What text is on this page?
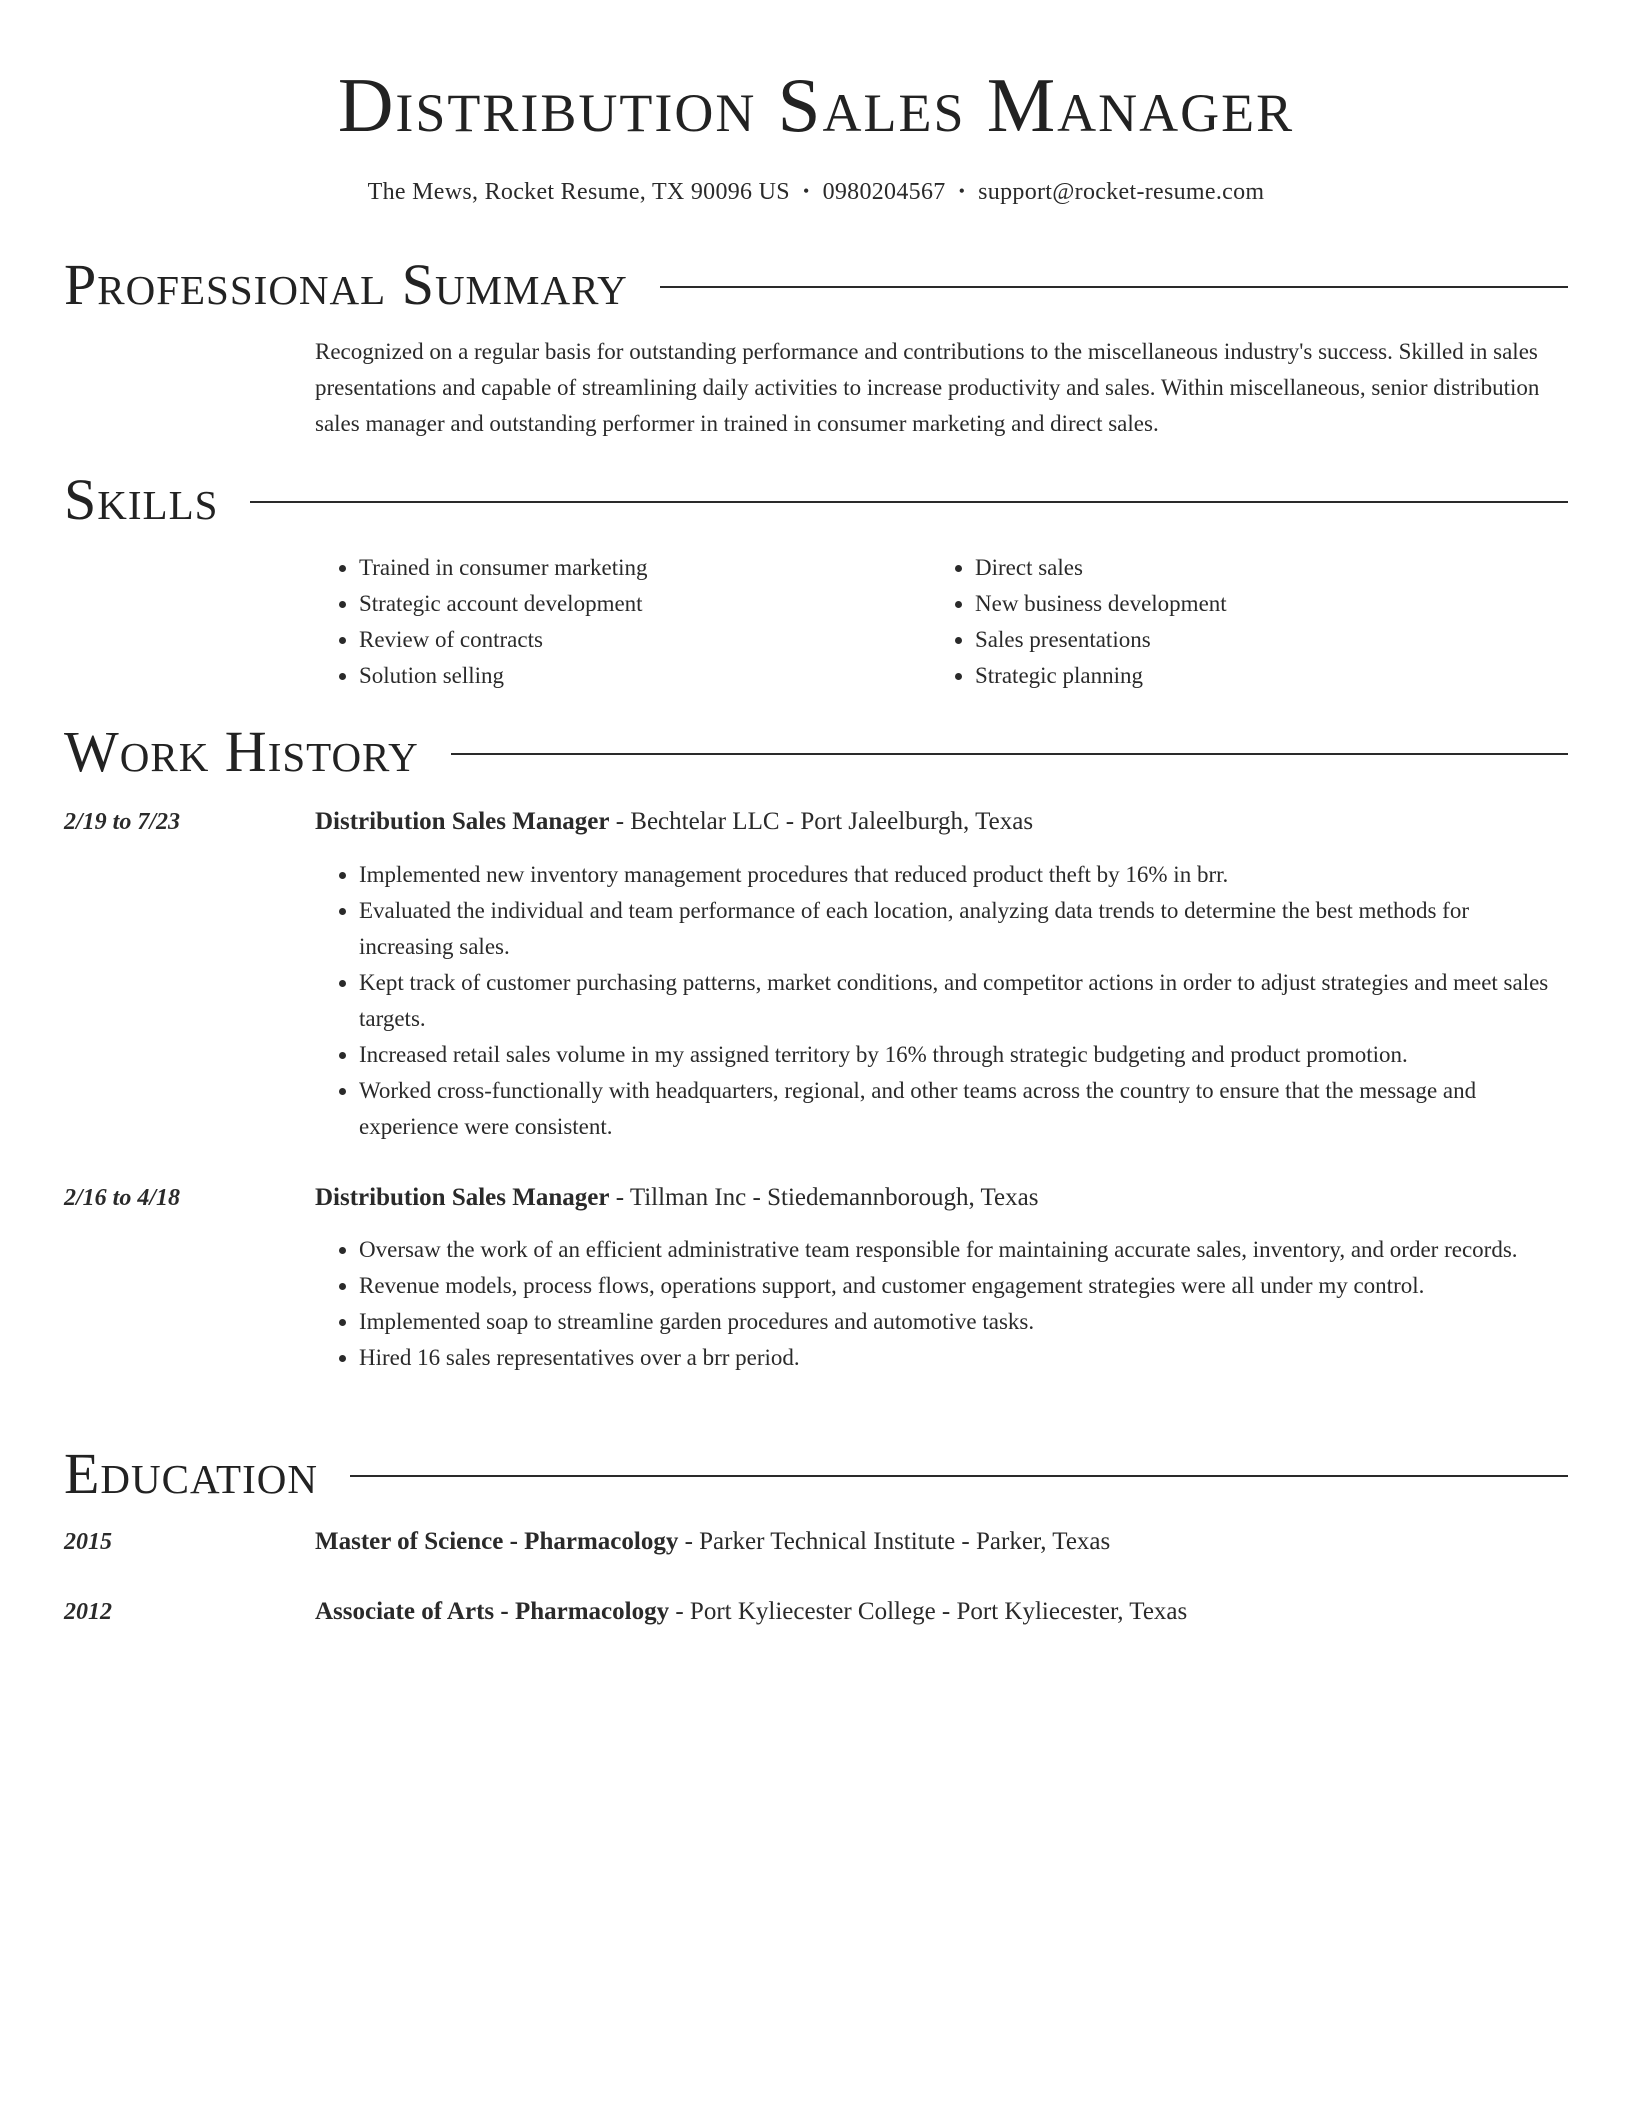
Distribution Sales Manager
The Mews, Rocket Resume, TX 90096 US • 0980204567 • support@rocket-resume.com
Professional Summary
Recognized on a regular basis for outstanding performance and contributions to the miscellaneous industry's success. Skilled in sales presentations and capable of streamlining daily activities to increase productivity and sales. Within miscellaneous, senior distribution sales manager and outstanding performer in trained in consumer marketing and direct sales.
Skills
• Trained in consumer marketing
• Strategic account development
• Review of contracts
• Solution selling
• Direct sales
• New business development
• Sales presentations
• Strategic planning
Work History
2/19 to 7/23	Distribution Sales Manager - Bechtelar LLC - Port Jaleelburgh, Texas
• Implemented new inventory management procedures that reduced product theft by 16% in brr.
• Evaluated the individual and team performance of each location, analyzing data trends to determine the best methods for increasing sales.
• Kept track of customer purchasing patterns, market conditions, and competitor actions in order to adjust strategies and meet sales targets.
• Increased retail sales volume in my assigned territory by 16% through strategic budgeting and product promotion.
• Worked cross-functionally with headquarters, regional, and other teams across the country to ensure that the message and experience were consistent.
2/16 to 4/18	Distribution Sales Manager - Tillman Inc - Stiedemannborough, Texas
• Oversaw the work of an efficient administrative team responsible for maintaining accurate sales, inventory, and order records.
• Revenue models, process flows, operations support, and customer engagement strategies were all under my control.
• Implemented soap to streamline garden procedures and automotive tasks.
• Hired 16 sales representatives over a brr period.
Education
2015	Master of Science - Pharmacology - Parker Technical Institute - Parker, Texas
2012	Associate of Arts - Pharmacology - Port Kyliecester College - Port Kyliecester, Texas
